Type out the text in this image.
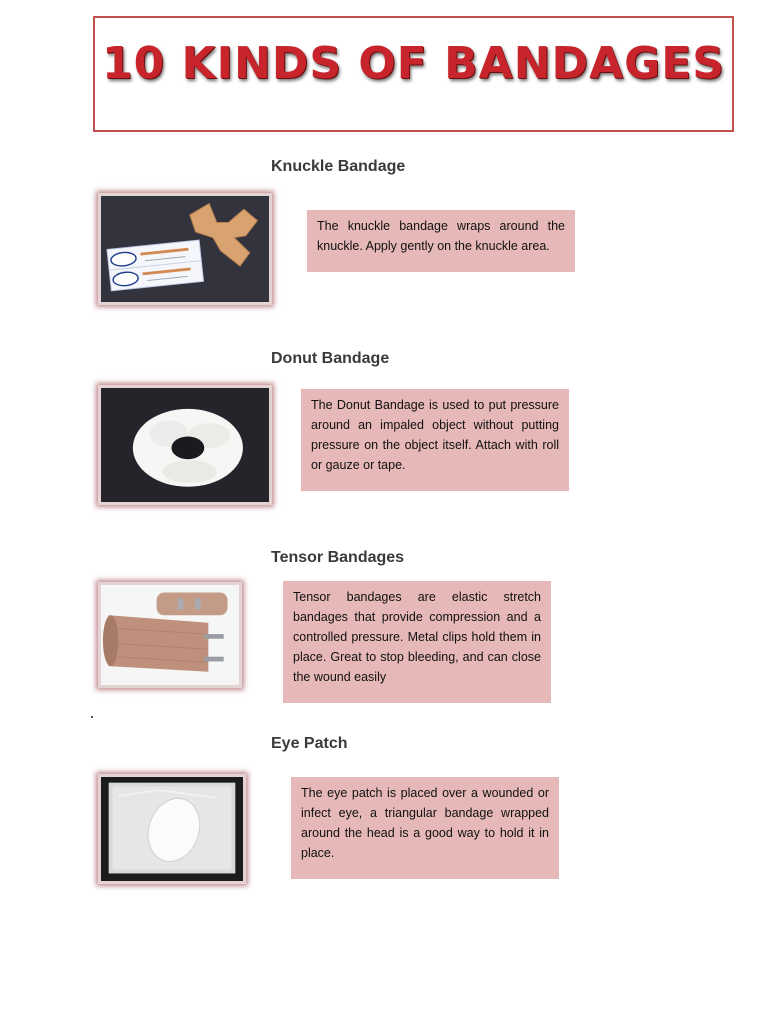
10 KINDS OF BANDAGES
Knuckle Bandage
The knuckle bandage wraps around the knuckle. Apply gently on the knuckle area.
Donut Bandage
The Donut Bandage is used to put pressure around an impaled object without putting pressure on the object itself. Attach with roll or gauze or tape.
Tensor Bandages
Tensor bandages are elastic stretch bandages that provide compression and a controlled pressure. Metal clips hold them in place. Great to stop bleeding, and can close the wound easily
Eye Patch
The eye patch is placed over a wounded or infect eye, a triangular bandage wrapped around the head is a good way to hold it in place.
